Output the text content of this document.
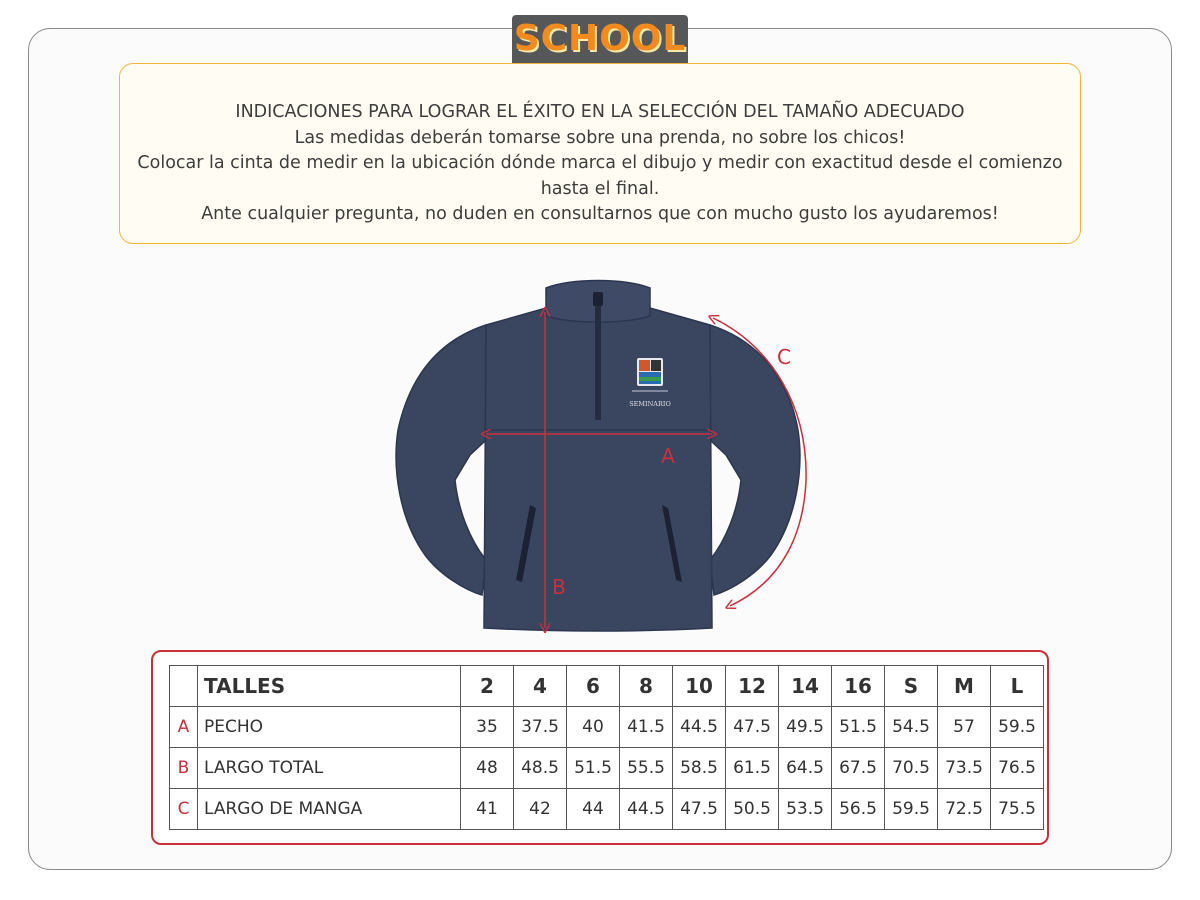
SCHOOL

INDICACIONES PARA LOGRAR EL ÉXITO EN LA SELECCIÓN DEL TAMAÑO ADECUADO

Las medidas deberán tomarse sobre una prenda, no sobre los chicos!

Colocar la cinta de medir en la ubicación dónde marca el dibujo y medir con exactitud desde el comienzo

hasta el final.

Ante cualquier pregunta, no duden en consultarnos que con mucho gusto los ayudaremos!

SEMINARIO
A
B
C
	TALLES	2	4	6	8	10	12	14	16	S	M	L
A	PECHO	35	37.5	40	41.5	44.5	47.5	49.5	51.5	54.5	57	59.5
B	LARGO TOTAL	48	48.5	51.5	55.5	58.5	61.5	64.5	67.5	70.5	73.5	76.5
C	LARGO DE MANGA	41	42	44	44.5	47.5	50.5	53.5	56.5	59.5	72.5	75.5
